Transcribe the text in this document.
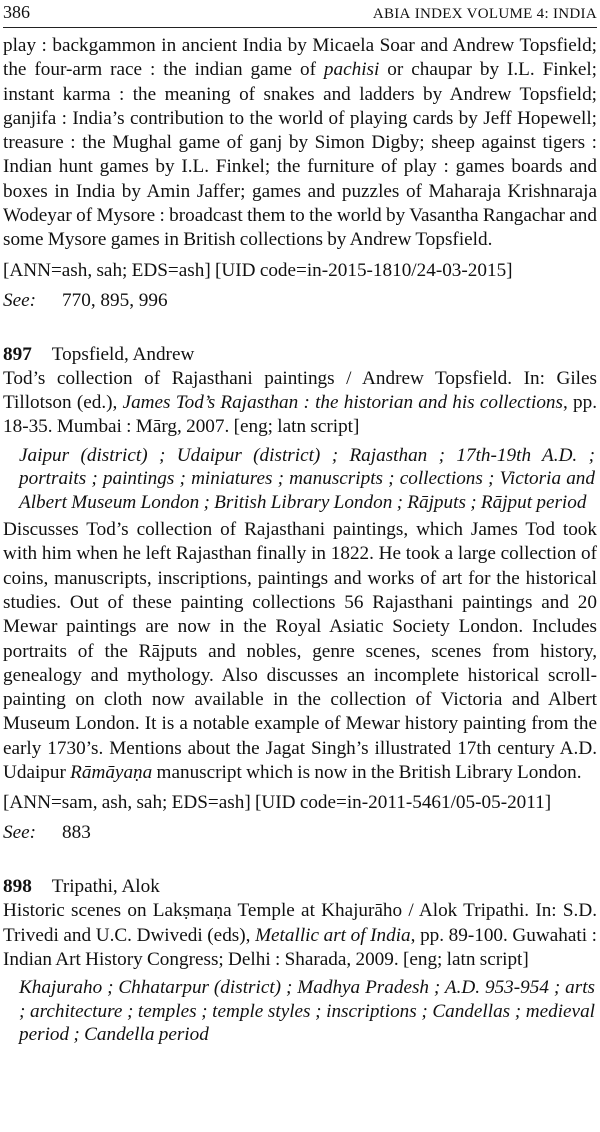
386	ABIA INDEX VOLUME 4: INDIA

play : backgammon in ancient India by Micaela Soar and Andrew Topsfield; the four-arm race : the indian game of pachisi or chaupar by I.L. Finkel; instant karma : the meaning of snakes and ladders by Andrew Topsfield; ganjifa : India’s contribution to the world of playing cards by Jeff Hopewell; treasure : the Mughal game of ganj by Simon Digby; sheep against tigers : Indian hunt games by I.L. Finkel; the furniture of play : games boards and boxes in India by Amin Jaffer; games and puzzles of Maharaja Krishnaraja Wodeyar of Mysore : broadcast them to the world by Vasantha Rangachar and some Mysore games in British collections by Andrew Topsfield.

[ANN=ash, sah; EDS=ash] [UID code=in-2015-1810/24-03-2015]

See: 770, 895, 996

897 Topsfield, Andrew

Tod’s collection of Rajasthani paintings / Andrew Topsfield. In: Giles Tillotson (ed.), James Tod’s Rajasthan : the historian and his collections, pp. 18-35. Mumbai : Mārg, 2007. [eng; latn script]

Jaipur (district) ; Udaipur (district) ; Rajasthan ; 17th-19th A.D. ; portraits ; paintings ; miniatures ; manuscripts ; collections ; Victoria and Albert Museum London ; British Library London ; Rājputs ; Rājput period

Discusses Tod’s collection of Rajasthani paintings, which James Tod took with him when he left Rajasthan finally in 1822. He took a large collection of coins, manuscripts, inscriptions, paintings and works of art for the historical studies. Out of these painting collections 56 Rajasthani paintings and 20 Mewar paintings are now in the Royal Asiatic Society London. Includes portraits of the Rājputs and nobles, genre scenes, scenes from history, genealogy and mythology. Also discusses an incomplete historical scroll-painting on cloth now available in the collection of Victoria and Albert Museum London. It is a notable example of Mewar history painting from the early 1730’s. Mentions about the Jagat Singh’s illustrated 17th century A.D. Udaipur Rāmāyaṇa manuscript which is now in the British Library London.

[ANN=sam, ash, sah; EDS=ash] [UID code=in-2011-5461/05-05-2011]

See: 883

898 Tripathi, Alok

Historic scenes on Lakṣmaṇa Temple at Khajurāho / Alok Tripathi. In: S.D. Trivedi and U.C. Dwivedi (eds), Metallic art of India, pp. 89-100. Guwahati : Indian Art History Congress; Delhi : Sharada, 2009. [eng; latn script]

Khajuraho ; Chhatarpur (district) ; Madhya Pradesh ; A.D. 953-954 ; arts ; architecture ; temples ; temple styles ; inscriptions ; Candellas ; medieval period ; Candella period
